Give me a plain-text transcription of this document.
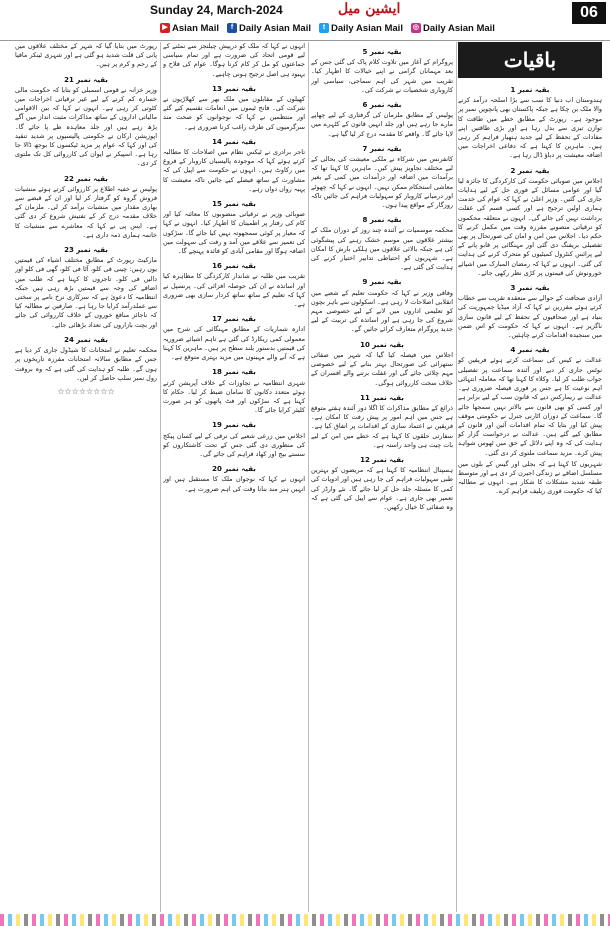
Sunday 24, March-2024	ایشین میل	06
▶ Asian Mail	f Daily Asian Mail	t Daily Asian Mail ◎ Daily Asian Mail
باقیات
بقیہ نمبر 1
ہندوستان اب دنیا کا سب سے بڑا اسلحہ درآمد کرنے والا ملک بن چکا ہے جبکہ پاکستان بھی پانچویں نمبر پر موجود ہے۔ رپورٹ کے مطابق خطے میں طاقت کا توازن تیزی سے بدل رہا ہے اور بڑی طاقتیں اپنے مفادات کے تحفظ کے لیے جدید ہتھیار فراہم کر رہی ہیں۔ ماہرین کا کہنا ہے کہ دفاعی اخراجات میں اضافہ معیشت پر دباؤ ڈال رہا ہے۔
بقیہ نمبر 2
اجلاس میں صوبائی حکومت کی کارکردگی کا جائزہ لیا گیا اور عوامی مسائل کے فوری حل کے لیے ہدایات جاری کی گئیں۔ وزیر اعلیٰ نے کہا کہ عوام کی خدمت ہماری اولین ترجیح ہے اور کسی قسم کی غفلت برداشت نہیں کی جائے گی۔ انہوں نے متعلقہ محکموں کو ترقیاتی منصوبے مقررہ وقت میں مکمل کرنے کا حکم دیا۔ اجلاس میں امن و امان کی صورتحال پر بھی تفصیلی بریفنگ دی گئی اور مہنگائی پر قابو پانے کے لیے پرائس کنٹرول کمیٹیوں کو متحرک کرنے کی ہدایت کی گئی۔ انہوں نے کہا کہ رمضان المبارک میں اشیائے خورونوش کی قیمتوں پر کڑی نظر رکھی جائے۔
بقیہ نمبر 3
آزادی صحافت کے حوالے سے منعقدہ تقریب سے خطاب کرتے ہوئے مقررین نے کہا کہ آزاد میڈیا جمہوریت کی بنیاد ہے اور صحافیوں کے تحفظ کے لیے قانون سازی ناگزیر ہے۔ انہوں نے کہا کہ حکومت کو اس ضمن میں سنجیدہ اقدامات کرنے چاہئیں۔
بقیہ نمبر 4
عدالت نے کیس کی سماعت کرتے ہوئے فریقین کو نوٹس جاری کر دیے اور آئندہ سماعت پر تفصیلی جواب طلب کر لیا۔ وکلاء کا کہنا تھا کہ معاملہ انتہائی اہم نوعیت کا ہے جس پر فوری فیصلہ ضروری ہے۔ عدالت نے ریمارکس دیے کہ قانون سب کے لیے برابر ہے اور کسی کو بھی قانون سے بالاتر نہیں سمجھا جائے گا۔ سماعت کے دوران اٹارنی جنرل نے حکومتی موقف پیش کیا اور بتایا کہ تمام اقدامات آئین اور قانون کے مطابق کیے گئے ہیں۔ عدالت نے درخواست گزار کو ہدایت کی کہ وہ اپنے دلائل کے حق میں ٹھوس شواہد پیش کرے۔ مزید سماعت ملتوی کر دی گئی۔
شہریوں کا کہنا ہے کہ بجلی اور گیس کے بلوں میں مسلسل اضافے نے زندگی اجیرن کر دی ہے اور متوسط طبقہ شدید مشکلات کا شکار ہے۔ انہوں نے مطالبہ کیا کہ حکومت فوری ریلیف فراہم کرے۔
بقیہ نمبر 5
پروگرام کے آغاز میں تلاوت کلام پاک کی گئی جس کے بعد مہمانان گرامی نے اپنے خیالات کا اظہار کیا۔ تقریب میں شہر کی اہم سماجی، سیاسی اور کاروباری شخصیات نے شرکت کی۔
بقیہ نمبر 6
پولیس کے مطابق ملزمان کی گرفتاری کے لیے چھاپے مارے جا رہے ہیں اور جلد انہیں قانون کے کٹہرے میں لایا جائے گا۔ واقعے کا مقدمہ درج کر لیا گیا ہے۔
بقیہ نمبر 7
کانفرنس میں شرکاء نے ملکی معیشت کی بحالی کے لیے مختلف تجاویز پیش کیں۔ ماہرین کا کہنا تھا کہ برآمدات میں اضافہ اور درآمدات میں کمی کے بغیر معاشی استحکام ممکن نہیں۔ انہوں نے کہا کہ چھوٹے اور درمیانے کاروبار کو سہولیات فراہم کی جائیں تاکہ روزگار کے مواقع پیدا ہوں۔
بقیہ نمبر 8
محکمہ موسمیات نے آئندہ چند روز کے دوران ملک کے بیشتر علاقوں میں موسم خشک رہنے کی پیشگوئی کی ہے جبکہ بالائی علاقوں میں ہلکی بارش کا امکان ہے۔ شہریوں کو احتیاطی تدابیر اختیار کرنے کی ہدایت کی گئی ہے۔
بقیہ نمبر 9
وفاقی وزیر نے کہا کہ حکومت تعلیم کے شعبے میں انقلابی اصلاحات لا رہی ہے۔ اسکولوں سے باہر بچوں کو تعلیمی اداروں میں لانے کے لیے خصوصی مہم شروع کی جا رہی ہے اور اساتذہ کی تربیت کے لیے جدید پروگرام متعارف کرائے جائیں گے۔
بقیہ نمبر 10
اجلاس میں فیصلہ کیا گیا کہ شہر میں صفائی ستھرائی کی صورتحال بہتر بنانے کے لیے خصوصی مہم چلائی جائے گی اور غفلت برتنے والے افسران کے خلاف سخت کارروائی ہوگی۔
بقیہ نمبر 11
ذرائع کے مطابق مذاکرات کا اگلا دور آئندہ ہفتے متوقع ہے جس میں اہم امور پر پیش رفت کا امکان ہے۔ فریقین نے اعتماد سازی کے اقدامات پر اتفاق کیا ہے۔ سفارتی حلقوں کا کہنا ہے کہ خطے میں امن کے لیے بات چیت ہی واحد راستہ ہے۔
بقیہ نمبر 12
ہسپتال انتظامیہ کا کہنا ہے کہ مریضوں کو بہترین طبی سہولیات فراہم کی جا رہی ہیں اور ادویات کی کمی کا مسئلہ جلد حل کر لیا جائے گا۔ نئے وارڈز کی تعمیر بھی جاری ہے۔ عوام سے اپیل کی گئی ہے کہ وہ صفائی کا خیال رکھیں۔
انہوں نے کہا کہ ملک کو درپیش چیلنجز سے نمٹنے کے لیے قومی اتحاد کی ضرورت ہے اور تمام سیاسی جماعتوں کو مل کر کام کرنا ہوگا۔ عوام کی فلاح و بہبود ہی اصل ترجیح ہونی چاہیے۔
بقیہ نمبر 13
کھیلوں کے مقابلوں میں ملک بھر سے کھلاڑیوں نے شرکت کی۔ فاتح ٹیموں میں انعامات تقسیم کیے گئے اور منتظمین نے کہا کہ نوجوانوں کو صحت مند سرگرمیوں کی طرف راغب کرنا ضروری ہے۔
بقیہ نمبر 14
تاجر برادری نے ٹیکس نظام میں اصلاحات کا مطالبہ کرتے ہوئے کہا کہ موجودہ پالیسیاں کاروبار کے فروغ میں رکاوٹ ہیں۔ انہوں نے حکومت سے اپیل کی کہ مشاورت کے ساتھ فیصلے کیے جائیں تاکہ معیشت کا پہیہ رواں دواں رہے۔
بقیہ نمبر 15
صوبائی وزیر نے ترقیاتی منصوبوں کا معائنہ کیا اور کام کی رفتار پر اطمینان کا اظہار کیا۔ انہوں نے کہا کہ معیار پر کوئی سمجھوتہ نہیں کیا جائے گا۔ سڑکوں کی تعمیر سے علاقے میں آمد و رفت کی سہولت میں اضافہ ہوگا اور مقامی آبادی کو فائدہ پہنچے گا۔
بقیہ نمبر 16
تقریب میں طلبہ نے شاندار کارکردگی کا مظاہرہ کیا اور اساتذہ نے ان کی حوصلہ افزائی کی۔ پرنسپل نے کہا کہ تعلیم کے ساتھ ساتھ کردار سازی بھی ضروری ہے۔
بقیہ نمبر 17
ادارہ شماریات کے مطابق مہنگائی کی شرح میں معمولی کمی ریکارڈ کی گئی ہے تاہم اشیائے ضروریہ کی قیمتیں بدستور بلند سطح پر ہیں۔ ماہرین کا کہنا ہے کہ آنے والے مہینوں میں مزید بہتری متوقع ہے۔
بقیہ نمبر 18
شہری انتظامیہ نے تجاوزات کے خلاف آپریشن کرتے ہوئے متعدد دکانوں کا سامان ضبط کر لیا۔ حکام کا کہنا ہے کہ سڑکوں اور فٹ پاتھوں کو ہر صورت کلیئر کرایا جائے گا۔
بقیہ نمبر 19
اجلاس میں زرعی شعبے کی ترقی کے لیے کسان پیکج کی منظوری دی گئی جس کے تحت کاشتکاروں کو سستے بیج اور کھاد فراہم کی جائے گی۔
بقیہ نمبر 20
انہوں نے کہا کہ نوجوان ملک کا مستقبل ہیں اور انہیں ہنر مند بنانا وقت کی اہم ضرورت ہے۔
رپورٹ میں بتایا گیا کہ شہر کے مختلف علاقوں میں پانی کی قلت شدید ہو گئی ہے اور شہری ٹینکر مافیا کے رحم و کرم پر ہیں۔
بقیہ نمبر 21
وزیر خزانہ نے قومی اسمبلی کو بتایا کہ حکومت مالی خسارہ کم کرنے کے لیے غیر ترقیاتی اخراجات میں کٹوتی کر رہی ہے۔ انہوں نے کہا کہ بین الاقوامی مالیاتی اداروں کے ساتھ مذاکرات مثبت انداز میں آگے بڑھ رہے ہیں اور جلد معاہدہ طے پا جائے گا۔ اپوزیشن ارکان نے حکومتی پالیسیوں پر شدید تنقید کی اور کہا کہ عوام پر مزید ٹیکسوں کا بوجھ ڈالا جا رہا ہے۔ اسپیکر نے ایوان کی کارروائی کل تک ملتوی کر دی۔
بقیہ نمبر 22
پولیس نے خفیہ اطلاع پر کارروائی کرتے ہوئے منشیات فروش گروہ کو گرفتار کر لیا اور ان کے قبضے سے بھاری مقدار میں منشیات برآمد کر لی۔ ملزمان کے خلاف مقدمہ درج کر کے تفتیش شروع کر دی گئی ہے۔ ایس پی نے کہا کہ معاشرے سے منشیات کا خاتمہ ہماری ذمہ داری ہے۔
بقیہ نمبر 23
مارکیٹ رپورٹ کے مطابق مختلف اشیاء کی قیمتیں یوں رہیں: چینی فی کلو، آٹا فی کلو، گھی فی کلو اور دالیں فی کلو۔ تاجروں کا کہنا ہے کہ طلب میں اضافے کی وجہ سے قیمتیں بڑھ رہی ہیں جبکہ انتظامیہ کا دعویٰ ہے کہ سرکاری نرخ نامے پر سختی سے عملدرآمد کرایا جا رہا ہے۔ صارفین نے مطالبہ کیا کہ ناجائز منافع خوروں کے خلاف کارروائی کی جائے اور بچت بازاروں کی تعداد بڑھائی جائے۔
بقیہ نمبر 24
محکمہ تعلیم نے امتحانات کا شیڈول جاری کر دیا ہے جس کے مطابق سالانہ امتحانات مقررہ تاریخوں پر ہوں گے۔ طلبہ کو ہدایت کی گئی ہے کہ وہ بروقت رول نمبر سلپ حاصل کر لیں۔
☆☆☆☆☆☆☆☆
